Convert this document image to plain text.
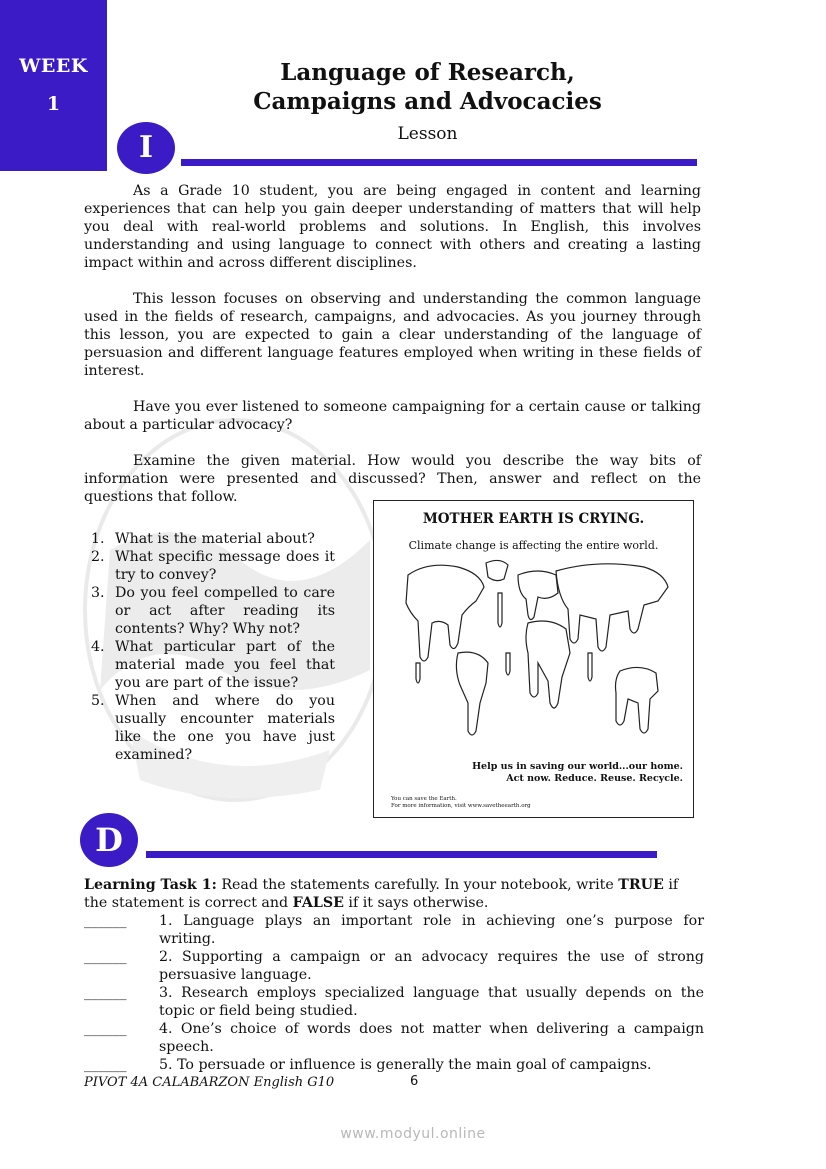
WEEK
1
Language of Research,
Campaigns and Advocacies
Lesson
I

As a Grade 10 student, you are being engaged in content and learning experiences that can help you gain deeper understanding of matters that will help you deal with real-world problems and solutions. In English, this involves understanding and using language to connect with others and creating a lasting impact within and across different disciplines.

This lesson focuses on observing and understanding the common language used in the fields of research, campaigns, and advocacies. As you journey through this lesson, you are expected to gain a clear understanding of the language of persuasion and different language features employed when writing in these fields of interest.

Have you ever listened to someone campaigning for a certain cause or talking about a particular advocacy?

Examine the given material. How would you describe the way bits of information were presented and discussed? Then, answer and reflect on the questions that follow.

1. What is the material about?
2. What specific message does it try to convey?
3. Do you feel compelled to care or act after reading its contents? Why? Why not?
4. What particular part of the material made you feel that you are part of the issue?
5. When and where do you usually encounter materials like the one you have just examined?
MOTHER EARTH IS CRYING.
Climate change is affecting the entire world.
Help us in saving our world...our home.
Act now. Reduce. Reuse. Recycle.
You can save the Earth.
For more information, visit www.savetheearth.org
D
Learning Task 1: Read the statements carefully. In your notebook, write TRUE if the statement is correct and FALSE if it says otherwise.
______ 1. Language plays an important role in achieving one’s purpose for writing.
______ 2. Supporting a campaign or an advocacy requires the use of strong persuasive language.
______ 3. Research employs specialized language that usually depends on the topic or field being studied.
______ 4. One’s choice of words does not matter when delivering a campaign speech.
______ 5. To persuade or influence is generally the main goal of campaigns.
PIVOT 4A CALABARZON English G10	6
www.modyul.online
